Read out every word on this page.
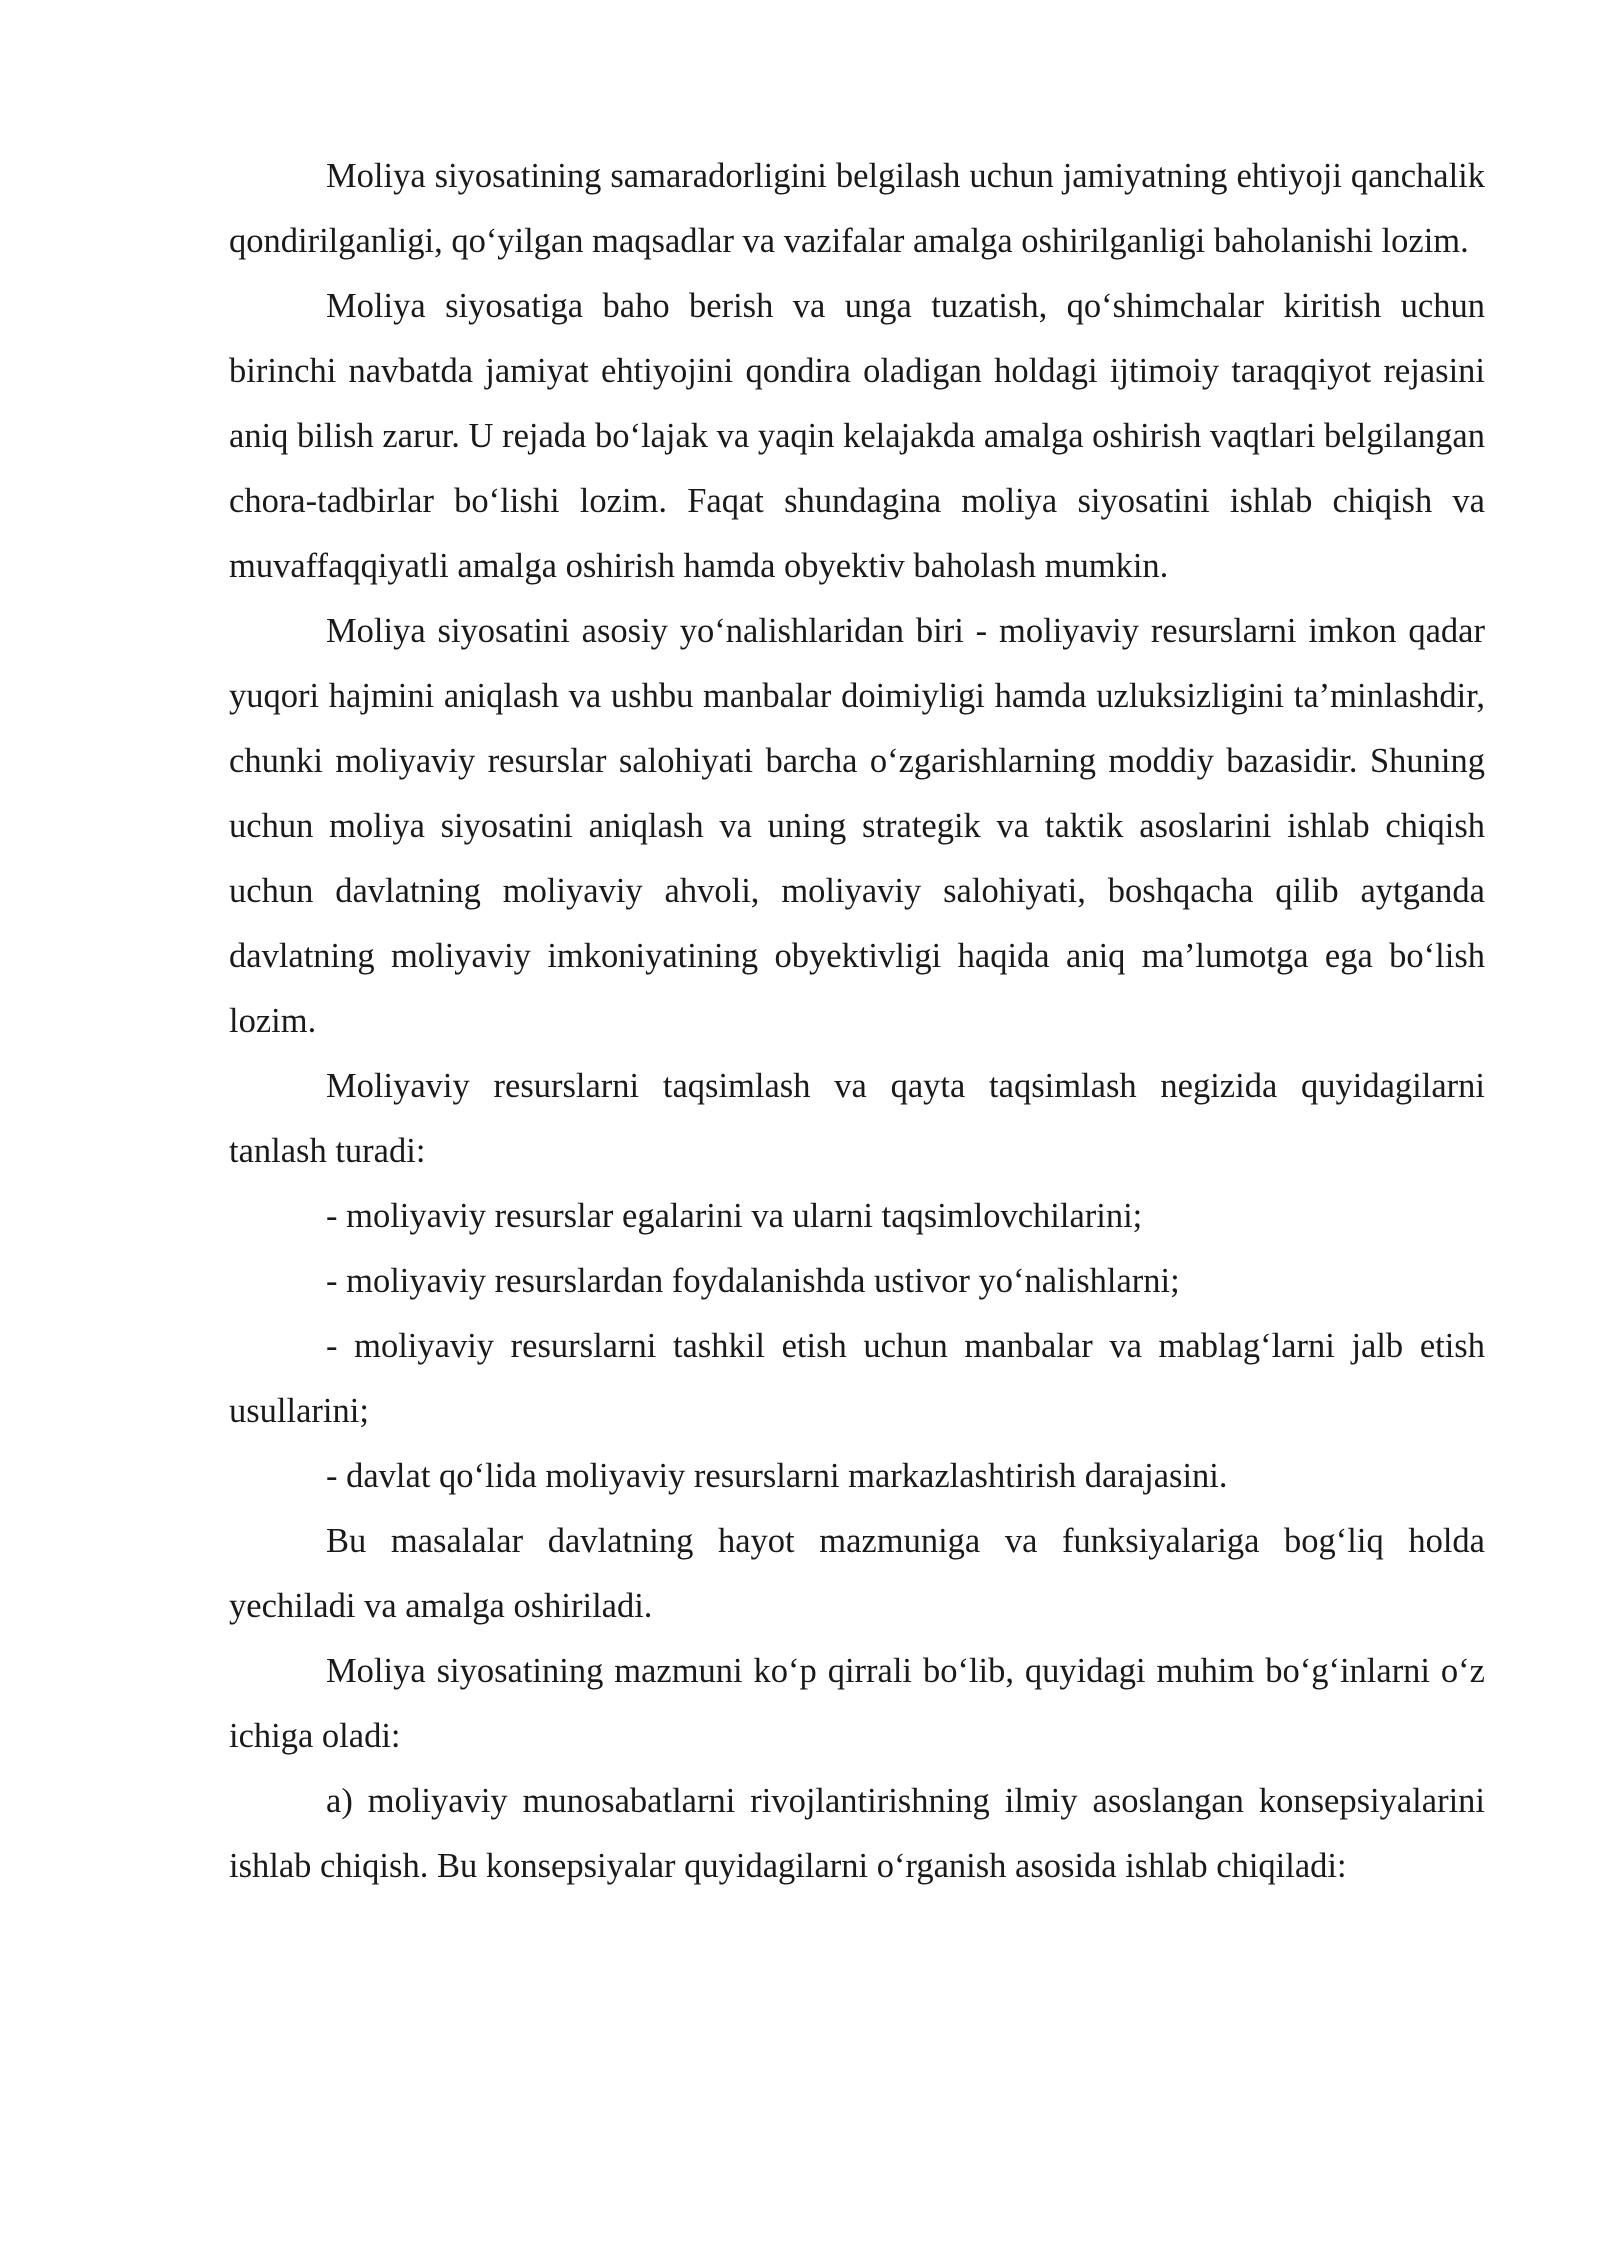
Moliya siyosatining samaradorligini belgilash uchun jamiyatning ehtiyoji qanchalik qondirilganligi, qo‘yilgan maqsadlar va vazifalar amalga oshirilganligi baholanishi lozim.

Moliya siyosatiga baho berish va unga tuzatish, qo‘shimchalar kiritish uchun birinchi navbatda jamiyat ehtiyojini qondira oladigan holdagi ijtimoiy taraqqiyot rejasini aniq bilish zarur. U rejada bo‘lajak va yaqin kelajakda amalga oshirish vaqtlari belgilangan chora-tadbirlar bo‘lishi lozim. Faqat shundagina moliya siyosatini ishlab chiqish va muvaffaqqiyatli amalga oshirish hamda obyektiv baholash mumkin.

Moliya siyosatini asosiy yo‘nalishlaridan biri - moliyaviy resurslarni imkon qadar yuqori hajmini aniqlash va ushbu manbalar doimiyligi hamda uzluksizligini ta’minlashdir, chunki moliyaviy resurslar salohiyati barcha o‘zgarishlarning moddiy bazasidir. Shuning uchun moliya siyosatini aniqlash va uning strategik va taktik asoslarini ishlab chiqish uchun davlatning moliyaviy ahvoli, moliyaviy salohiyati, boshqacha qilib aytganda davlatning moliyaviy imkoniyatining obyektivligi haqida aniq ma’lumotga ega bo‘lish lozim.

Moliyaviy resurslarni taqsimlash va qayta taqsimlash negizida quyidagilarni tanlash turadi:

- moliyaviy resurslar egalarini va ularni taqsimlovchilarini;

- moliyaviy resurslardan foydalanishda ustivor yo‘nalishlarni;

- moliyaviy resurslarni tashkil etish uchun manbalar va mablag‘larni jalb etish usullarini;

- davlat qo‘lida moliyaviy resurslarni markazlashtirish darajasini.

Bu masalalar davlatning hayot mazmuniga va funksiyalariga bog‘liq holda yechiladi va amalga oshiriladi.

Moliya siyosatining mazmuni ko‘p qirrali bo‘lib, quyidagi muhim bo‘g‘inlarni o‘z ichiga oladi:

a) moliyaviy munosabatlarni rivojlantirishning ilmiy asoslangan konsepsiyalarini ishlab chiqish. Bu konsepsiyalar quyidagilarni o‘rganish asosida ishlab chiqiladi:
